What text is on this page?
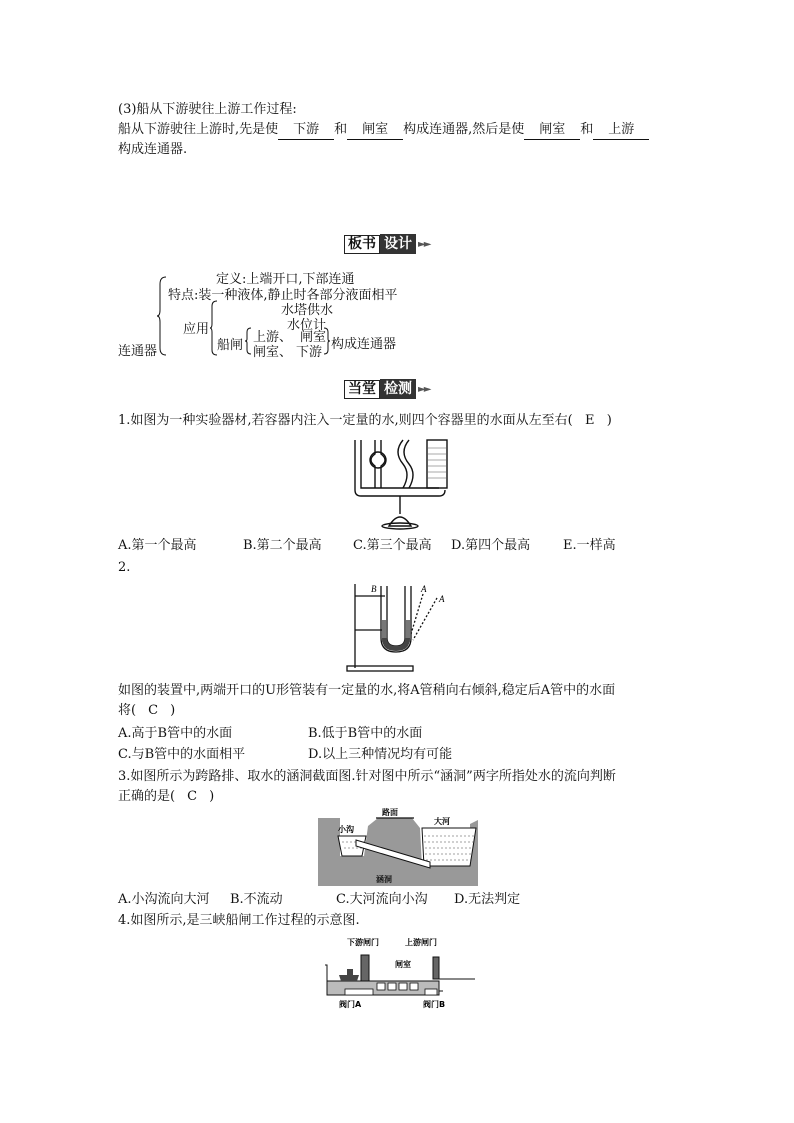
(3)船从下游驶往上游工作过程:
船从下游驶往上游时,先是使 下游 和 闸室 构成连通器,然后是使 闸室 和 上游
构成连通器.
板书 设计 ►►
连通器
定义:上端开口,下部连通
特点:装一种液体,静止时各部分液面相平
应用
水塔供水
水位计
船闸
上游、 闸室
闸室、 下游
构成连通器
当堂 检测 ►►
1.如图为一种实验器材,若容器内注入一定量的水,则四个容器里的水面从左至右( E )
A.第一个最高	B.第二个最高 C.第三个最高 D.第四个最高	E.一样高
2.
B	A
A
如图的装置中,两端开口的U形管装有一定量的水,将A管稍向右倾斜,稳定后A管中的水面
将( C )
A.高于B管中的水面	B.低于B管中的水面
C.与B管中的水面相平	D.以上三种情况均有可能
3.如图所示为跨路排、取水的涵洞截面图.针对图中所示“涵洞”两字所指处水的流向判断
正确的是( C )
路面
小沟
大河
涵洞
A.小沟流向大河 B.不流动	C.大河流向小沟 D.无法判定
4.如图所示,是三峡船闸工作过程的示意图.
下游闸门	上游闸门
闸室
阀门A	阀门B
